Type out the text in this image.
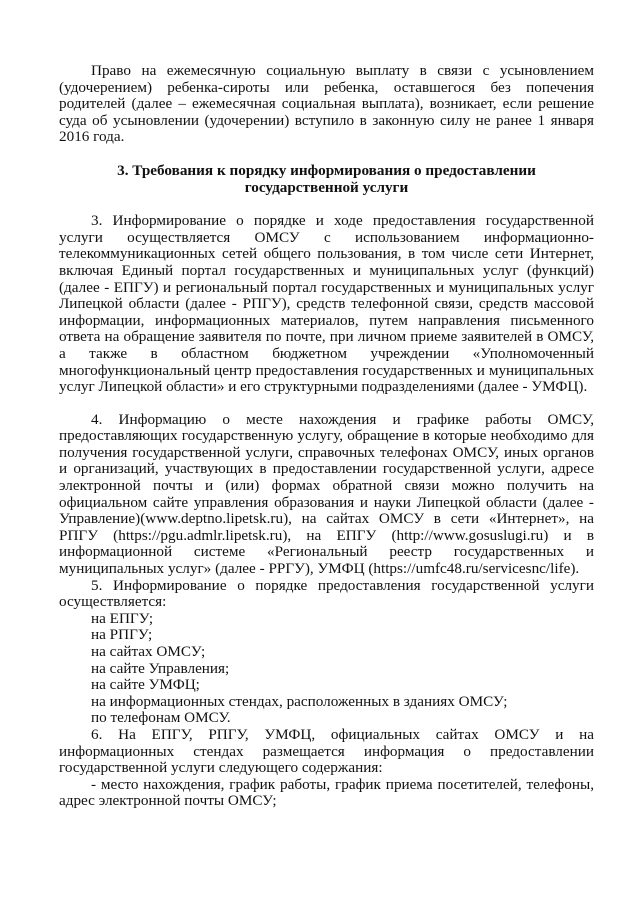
Право на ежемесячную социальную выплату в связи с усыновлением (удочерением) ребенка-сироты или ребенка, оставшегося без попечения родителей (далее – ежемесячная социальная выплата), возникает, если решение суда об усыновлении (удочерении) вступило в законную силу не ранее 1 января 2016 года.

3. Требования к порядку информирования о предоставлении
государственной услуги

3. Информирование о порядке и ходе предоставления государственной услуги осуществляется ОМСУ с использованием информационно-телекоммуникационных сетей общего пользования, в том числе сети Интернет, включая Единый портал государственных и муниципальных услуг (функций) (далее - ЕПГУ) и региональный портал государственных и муниципальных услуг Липецкой области (далее - РПГУ), средств телефонной связи, средств массовой информации, информационных материалов, путем направления письменного ответа на обращение заявителя по почте, при личном приеме заявителей в ОМСУ, а также в областном бюджетном учреждении «Уполномоченный многофункциональный центр предоставления государственных и муниципальных услуг Липецкой области» и его структурными подразделениями (далее - УМФЦ).

4. Информацию о месте нахождения и графике работы ОМСУ, предоставляющих государственную услугу, обращение в которые необходимо для получения государственной услуги, справочных телефонах ОМСУ, иных органов и организаций, участвующих в предоставлении государственной услуги, адресе электронной почты и (или) формах обратной связи можно получить на официальном сайте управления образования и науки Липецкой области (далее - Управление)(www.deptno.lipetsk.ru), на сайтах ОМСУ в сети «Интернет», на РПГУ (https://pgu.admlr.lipetsk.ru), на ЕПГУ (http://www.gosuslugi.ru) и в информационной системе «Региональный реестр государственных и муниципальных услуг» (далее - РРГУ), УМФЦ (https://umfc48.ru/servicesnc/life).

5. Информирование о порядке предоставления государственной услуги осуществляется:

на ЕПГУ;

на РПГУ;

на сайтах ОМСУ;

на сайте Управления;

на сайте УМФЦ;

на информационных стендах, расположенных в зданиях ОМСУ;

по телефонам ОМСУ.

6. На ЕПГУ, РПГУ, УМФЦ, официальных сайтах ОМСУ и на информационных стендах размещается информация о предоставлении государственной услуги следующего содержания:

- место нахождения, график работы, график приема посетителей, телефоны, адрес электронной почты ОМСУ;
